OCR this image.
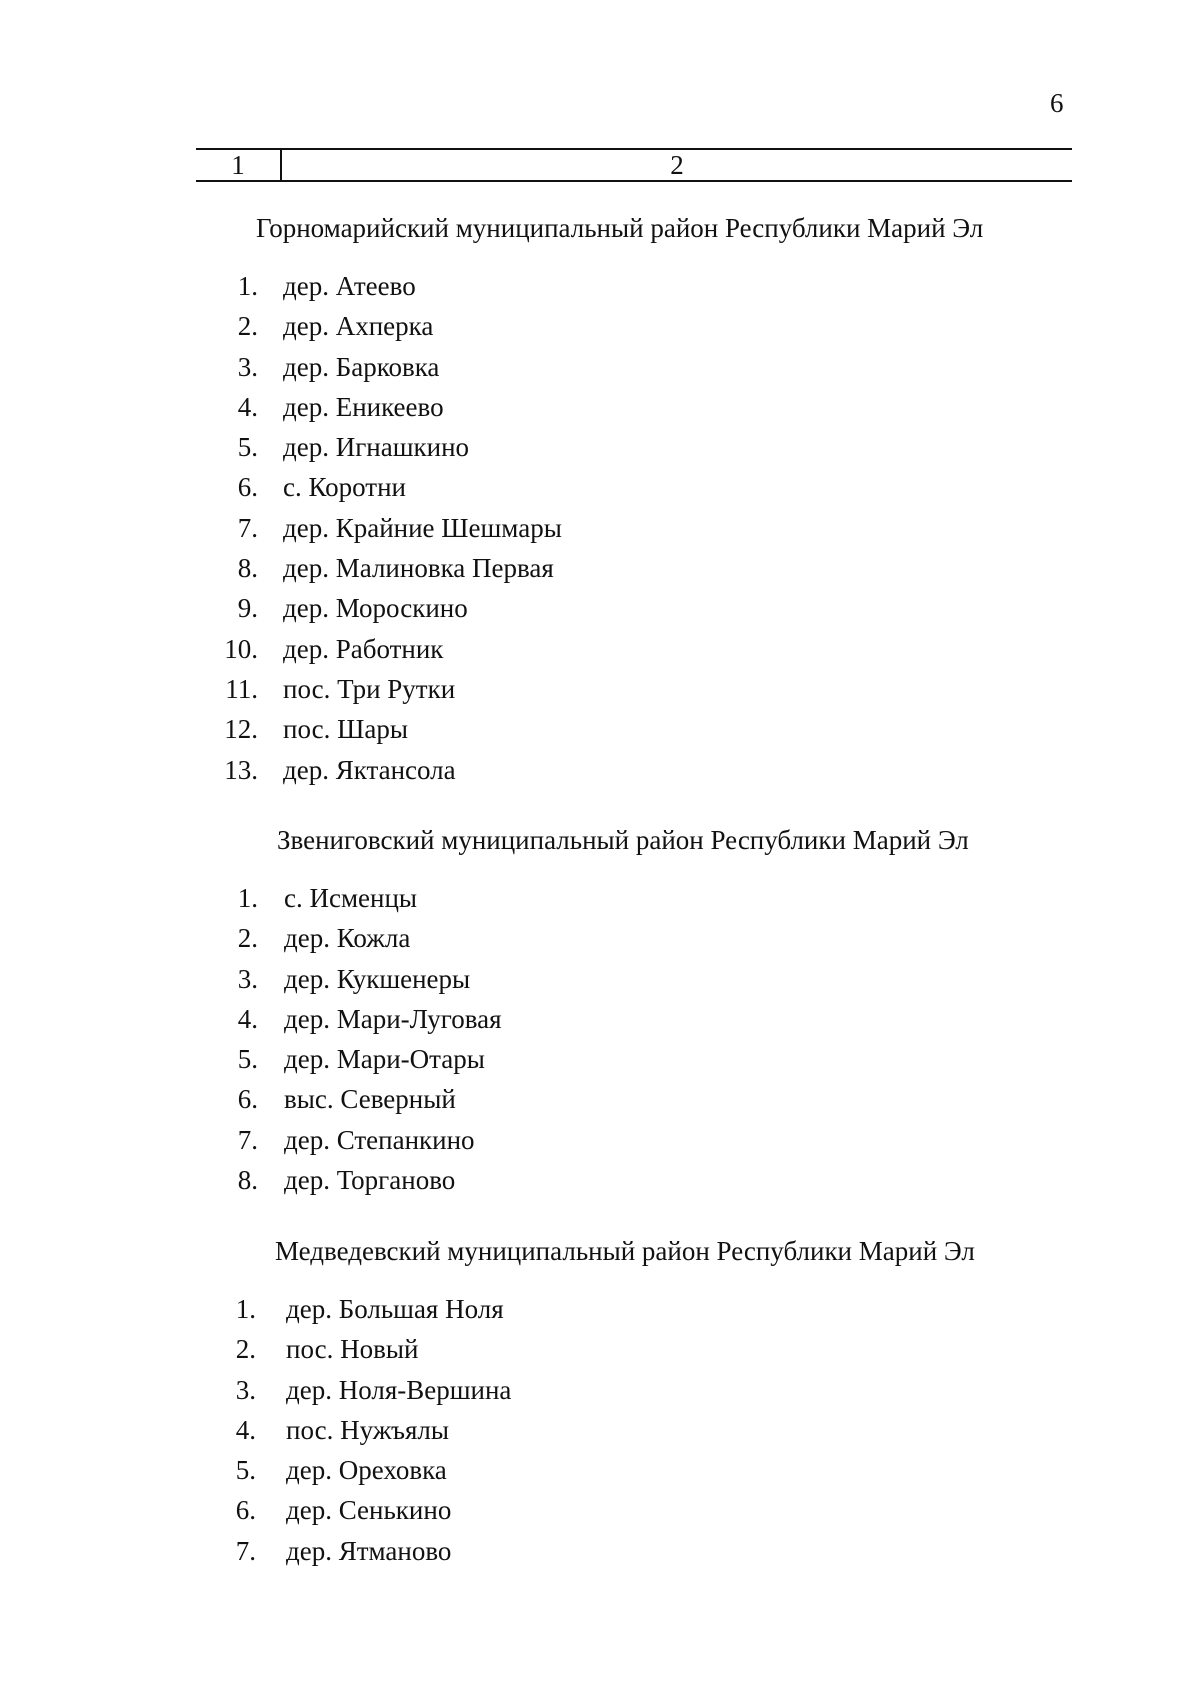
6
1	2
Горномарийский муниципальный район Республики Марий Эл
1. дер. Атеево
2. дер. Ахперка
3. дер. Барковка
4. дер. Еникеево
5. дер. Игнашкино
6. с. Коротни
7. дер. Крайние Шешмары
8. дер. Малиновка Первая
9. дер. Мороскино
10. дер. Работник
11. пос. Три Рутки
12. пос. Шары
13. дер. Яктансола
Звениговский муниципальный район Республики Марий Эл
1. с. Исменцы
2. дер. Кожла
3. дер. Кукшенеры
4. дер. Мари-Луговая
5. дер. Мари-Отары
6. выс. Северный
7. дер. Степанкино
8. дер. Торганово
Медведевский муниципальный район Республики Марий Эл
1. дер. Большая Ноля
2. пос. Новый
3. дер. Ноля-Вершина
4. пос. Нужъялы
5. дер. Ореховка
6. дер. Сенькино
7. дер. Ятманово
